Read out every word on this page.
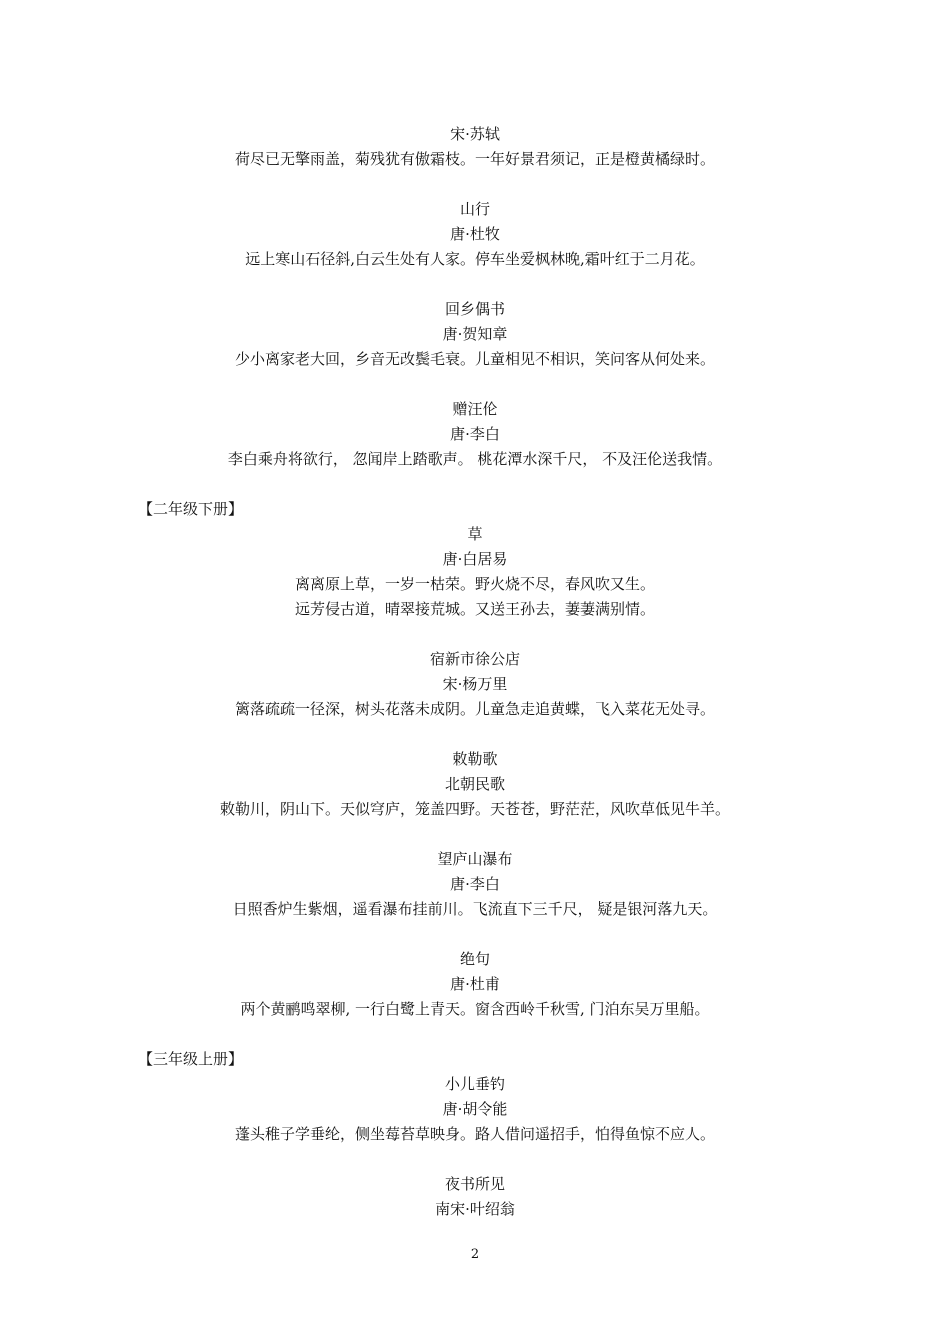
宋·苏轼
荷尽已无擎雨盖，菊残犹有傲霜枝。一年好景君须记，正是橙黄橘绿时。
山行
唐·杜牧
远上寒山石径斜,白云生处有人家。停车坐爱枫林晚,霜叶红于二月花。
回乡偶书
唐·贺知章
少小离家老大回，乡音无改鬓毛衰。儿童相见不相识，笑问客从何处来。
赠汪伦
唐·李白
李白乘舟将欲行， 忽闻岸上踏歌声。 桃花潭水深千尺， 不及汪伦送我情。
【二年级下册】
草
唐·白居易
离离原上草，一岁一枯荣。野火烧不尽，春风吹又生。
远芳侵古道，晴翠接荒城。又送王孙去，萋萋满别情。
宿新市徐公店
宋·杨万里
篱落疏疏一径深，树头花落未成阴。儿童急走追黄蝶，飞入菜花无处寻。
敕勒歌
北朝民歌
敕勒川，阴山下。天似穹庐，笼盖四野。天苍苍，野茫茫，风吹草低见牛羊。
望庐山瀑布
唐·李白
日照香炉生紫烟，遥看瀑布挂前川。飞流直下三千尺， 疑是银河落九天。
绝句
唐·杜甫
两个黄鹂鸣翠柳, 一行白鹭上青天。窗含西岭千秋雪, 门泊东吴万里船。
【三年级上册】
小儿垂钓
唐·胡令能
蓬头稚子学垂纶，侧坐莓苔草映身。路人借问遥招手，怕得鱼惊不应人。
夜书所见
南宋·叶绍翁
2
